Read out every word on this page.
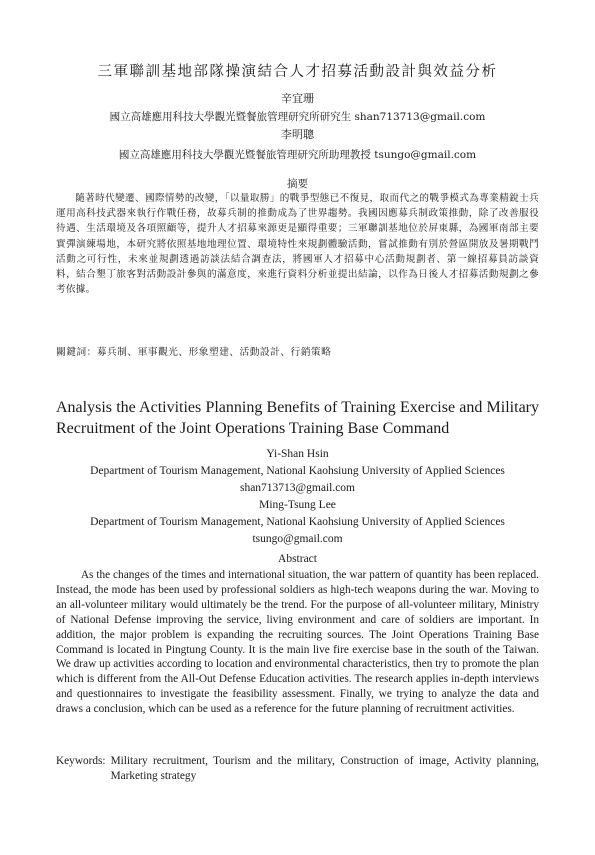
三軍聯訓基地部隊操演結合人才招募活動設計與效益分析
辛宜珊
國立高雄應用科技大學觀光暨餐旅管理研究所研究生 shan713713@gmail.com
李明聰
國立高雄應用科技大學觀光暨餐旅管理研究所助理教授 tsungo@gmail.com
摘要

隨著時代變遷、國際情勢的改變，「以量取勝」的戰爭型態已不復見，取而代之的戰爭模式為專業精銳士兵運用高科技武器來執行作戰任務，故募兵制的推動成為了世界趨勢。我國因應募兵制政策推動，除了改善服役待遇、生活環境及各項照顧等，提升人才招募來源更是顯得重要；三軍聯訓基地位於屏東縣，為國軍南部主要實彈演練場地，本研究將依照基地地理位置、環境特性來規劃體驗活動，嘗試推動有別於營區開放及暑期戰鬥活動之可行性，未來並規劃透過訪談法結合調查法，將國軍人才招募中心活動規劃者、第一線招募員訪談資料，結合墾丁旅客對活動設計參與的滿意度，來進行資料分析並提出結論，以作為日後人才招募活動規劃之參考依據。

關鍵詞：募兵制、軍事觀光、形象塑建、活動設計、行銷策略
Analysis the Activities Planning Benefits of Training Exercise and Military Recruitment of the Joint Operations Training Base Command
Yi-Shan Hsin
Department of Tourism Management, National Kaohsiung University of Applied Sciences
shan713713@gmail.com
Ming-Tsung Lee
Department of Tourism Management, National Kaohsiung University of Applied Sciences
tsungo@gmail.com
Abstract

As the changes of the times and international situation, the war pattern of quantity has been replaced. Instead, the mode has been used by professional soldiers as high-tech weapons during the war. Moving to an all-volunteer military would ultimately be the trend. For the purpose of all-volunteer military, Ministry of National Defense improving the service, living environment and care of soldiers are important. In addition, the major problem is expanding the recruiting sources. The Joint Operations Training Base Command is located in Pingtung County. It is the main live fire exercise base in the south of the Taiwan. We draw up activities according to location and environmental characteristics, then try to promote the plan which is different from the All-Out Defense Education activities. The research applies in-depth interviews and questionnaires to investigate the feasibility assessment. Finally, we trying to analyze the data and draws a conclusion, which can be used as a reference for the future planning of recruitment activities.

Keywords: Military recruitment, Tourism and the military, Construction of image, Activity planning, Marketing strategy
